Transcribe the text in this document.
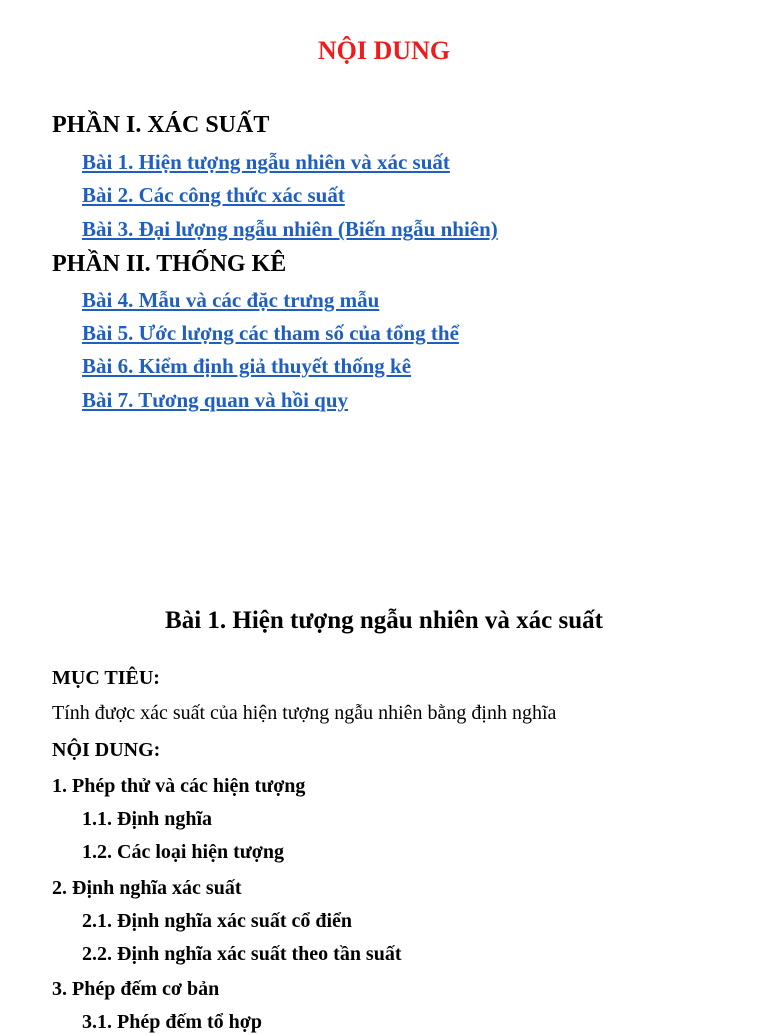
NỘI DUNG
PHẦN I. XÁC SUẤT
Bài 1. Hiện tượng ngẫu nhiên và xác suất
Bài 2. Các công thức xác suất
Bài 3. Đại lượng ngẫu nhiên (Biến ngẫu nhiên)
PHẦN II. THỐNG KÊ
Bài 4. Mẫu và các đặc trưng mẫu
Bài 5. Ước lượng các tham số của tổng thể
Bài 6. Kiểm định giả thuyết thống kê
Bài 7. Tương quan và hồi quy
Bài 1. Hiện tượng ngẫu nhiên và xác suất
MỤC TIÊU:
Tính được xác suất của hiện tượng ngẫu nhiên bằng định nghĩa
NỘI DUNG:
1. Phép thử và các hiện tượng
1.1. Định nghĩa
1.2. Các loại hiện tượng
2. Định nghĩa xác suất
2.1. Định nghĩa xác suất cổ điển
2.2. Định nghĩa xác suất theo tần suất
3. Phép đếm cơ bản
3.1. Phép đếm tổ hợp
